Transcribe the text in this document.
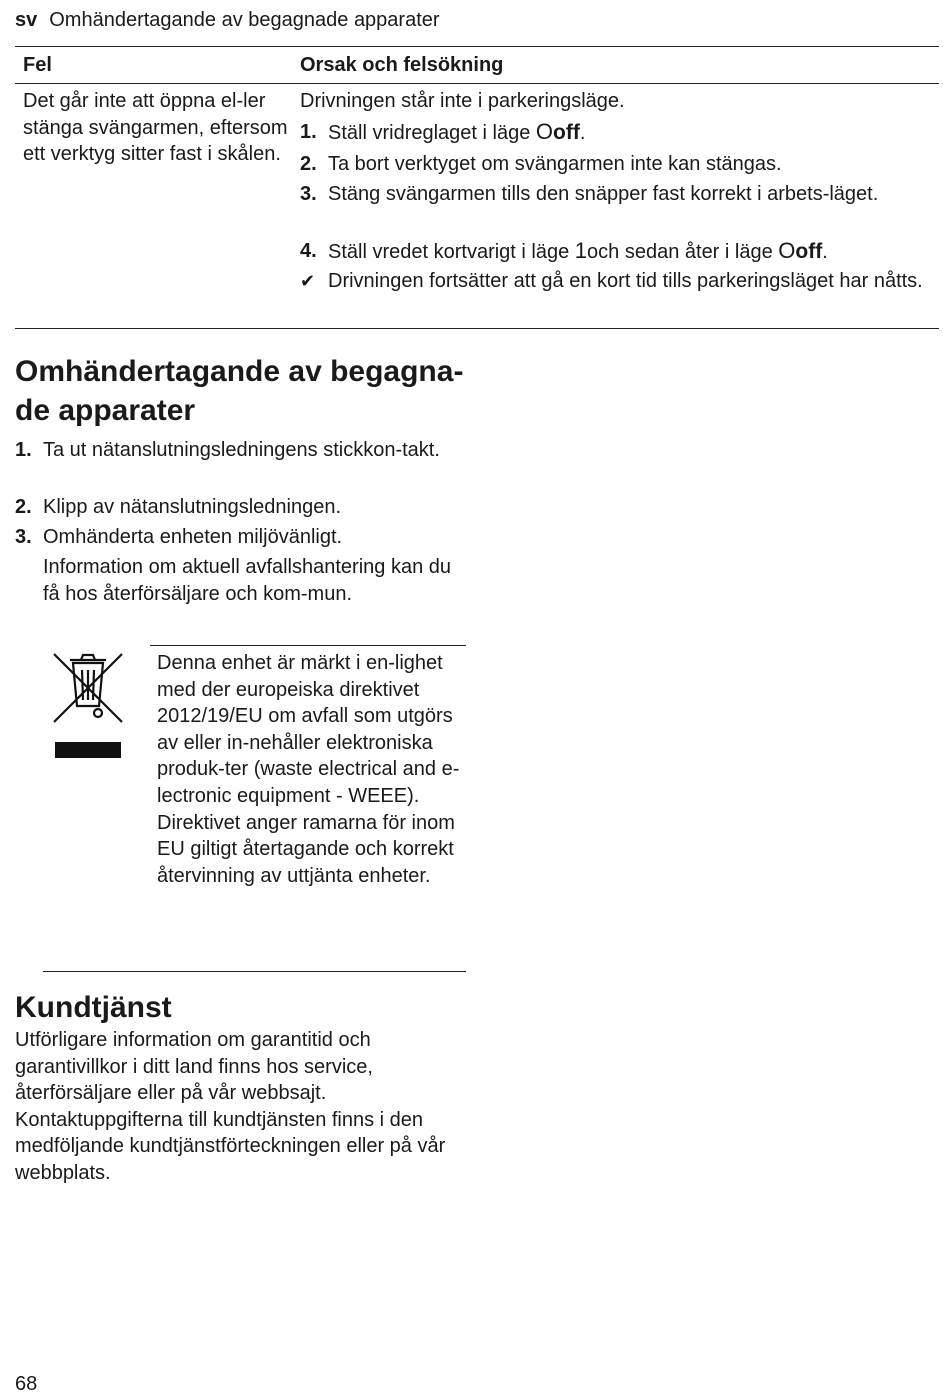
sv Omhändertagande av begagnade apparater
Fel	Orsak och felsökning
Det går inte att öppna el-ler stänga svängarmen, eftersom ett verktyg sitter fast i skålen.
Drivningen står inte i parkeringsläge.
1. Ställ vridreglaget i läge Ooff.
2. Ta bort verktyget om svängarmen inte kan stängas.
3. Stäng svängarmen tills den snäpper fast korrekt i arbets-läget.
4. Ställ vredet kortvarigt i läge 1och sedan åter i läge Ooff.
✔ Drivningen fortsätter att gå en kort tid tills parkeringsläget har nåtts.
Omhändertagande av begagna-de apparater
1. Ta ut nätanslutningsledningens stickkon-takt.
2. Klipp av nätanslutningsledningen.
3. Omhänderta enheten miljövänligt.
Information om aktuell avfallshantering kan du få hos återförsäljare och kom-mun.
Denna enhet är märkt i en-lighet med der europeiska direktivet 2012/19/EU om avfall som utgörs av eller in-nehåller elektroniska produk-ter (waste electrical and e-lectronic equipment - WEEE).
Direktivet anger ramarna för inom EU giltigt återtagande och korrekt återvinning av uttjänta enheter.
Kundtjänst
Utförligare information om garantitid och garantivillkor i ditt land finns hos service, återförsäljare eller på vår webbsajt. Kontaktuppgifterna till kundtjänsten finns i den medföljande kundtjänstförteckningen eller på vår webbplats.
68
